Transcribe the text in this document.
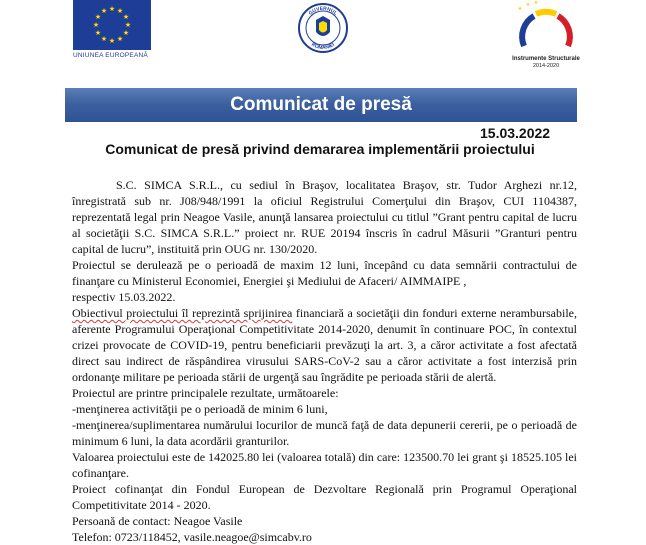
★ ★
★
★
★
★
★
★
★
★
★
★
UNIUNEA EUROPEANĂ
GUVERNUL
ROMÂNIEI
★
★ ★
Instrumente Structurale
2014-2020
Comunicat de presă
15.03.2022
Comunicat de presă privind demararea implementării proiectului

S.C. SIMCA S.R.L., cu sediul în Braşov, localitatea Braşov, str. Tudor Arghezi nr.12, înregistrată sub nr. J08/948/1991 la oficiul Registrului Comerţului din Braşov, CUI 1104387, reprezentată legal prin Neagoe Vasile, anunţă lansarea proiectului cu titlul ”Grant pentru capital de lucru al societăţii S.C. SIMCA S.R.L.” proiect nr. RUE 20194 înscris în cadrul Măsurii ”Granturi pentru capital de lucru”, instituită prin OUG nr. 130/2020.

Proiectul se derulează pe o perioadă de maxim 12 luni, începând cu data semnării contractului de finanţare cu Ministerul Economiei, Energiei şi Mediului de Afaceri/ AIMMAIPE ,

respectiv 15.03.2022.

Obiectivul proiectului îl reprezintă sprijinirea financiară a societăţii din fonduri externe nerambursabile, aferente Programului Operaţional Competitivitate 2014-2020, denumit în continuare POC, în contextul crizei provocate de COVID-19, pentru beneficiarii prevăzuţi la art. 3, a căror activitate a fost afectată direct sau indirect de răspândirea virusului SARS-CoV-2 sau a căror activitate a fost interzisă prin ordonanţe militare pe perioada stării de urgenţă sau îngrădite pe perioada stării de alertă.

Proiectul are printre principalele rezultate, următoarele:

-menţinerea activităţii pe o perioadă de minim 6 luni,

-menţinerea/suplimentarea numărului locurilor de muncă faţă de data depunerii cererii, pe o perioadă de minimum 6 luni, la data acordării granturilor.

Valoarea proiectului este de 142025.80 lei (valoarea totală) din care: 123500.70 lei grant şi 18525.105 lei cofinanţare.

Proiect cofinanţat din Fondul European de Dezvoltare Regională prin Programul Operaţional Competitivitate 2014 - 2020.

Persoană de contact: Neagoe Vasile

Telefon: 0723/118452, vasile.neagoe@simcabv.ro
